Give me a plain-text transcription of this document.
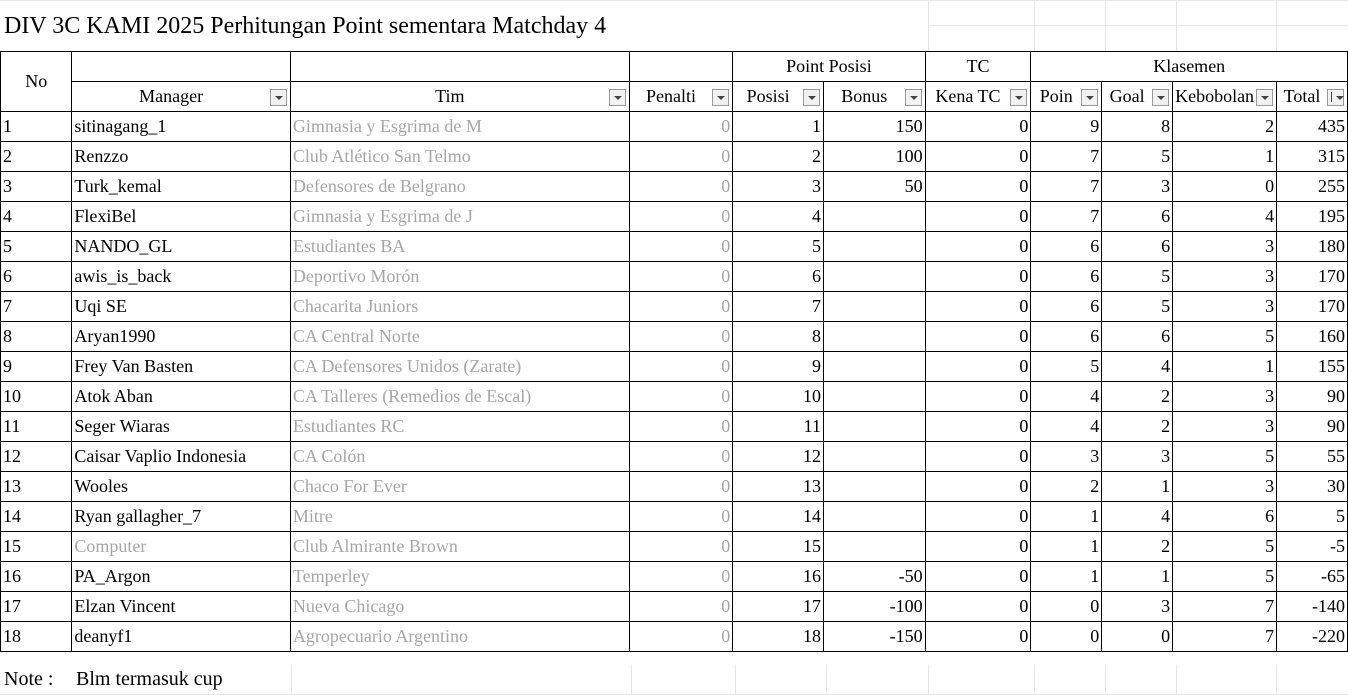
DIV 3C KAMI 2025 Perhitungan Point sementara Matchday 4
No				Point Posisi		TC	Klasemen			
	Manager	Tim	Penalti	Posisi	Bonus	Kena TC	Poin	Goal	Kebobolan	Total

1	sitinagang_1	Gimnasia y Esgrima de M	0	1	150	0	9	8	2	435
2	Renzzo	Club Atlético San Telmo	0	2	100	0	7	5	1	315
3	Turk_kemal	Defensores de Belgrano	0	3	50	0	7	3	0	255
4	FlexiBel	Gimnasia y Esgrima de J	0	4		0	7	6	4	195
5	NANDO_GL	Estudiantes BA	0	5		0	6	6	3	180
6	awis_is_back	Deportivo Morón	0	6		0	6	5	3	170
7	Uqi SE	Chacarita Juniors	0	7		0	6	5	3	170
8	Aryan1990	CA Central Norte	0	8		0	6	6	5	160
9	Frey Van Basten	CA Defensores Unidos (Zarate)	0	9		0	5	4	1	155
10	Atok Aban	CA Talleres (Remedios de Escal)	0	10		0	4	2	3	90
11	Seger Wiaras	Estudiantes RC	0	11		0	4	2	3	90
12	Caisar Vaplio Indonesia	CA Colón	0	12		0	3	3	5	55
13	Wooles	Chaco For Ever	0	13		0	2	1	3	30
14	Ryan gallagher_7	Mitre	0	14		0	1	4	6	5
15	Computer	Club Almirante Brown	0	15		0	1	2	5	-5
16	PA_Argon	Temperley	0	16	-50	0	1	1	5	-65
17	Elzan Vincent	Nueva Chicago	0	17	-100	0	0	3	7	-140
18	deanyf1	Agropecuario Argentino	0	18	-150	0	0	0	7	-220
Note : Blm termasuk cup
